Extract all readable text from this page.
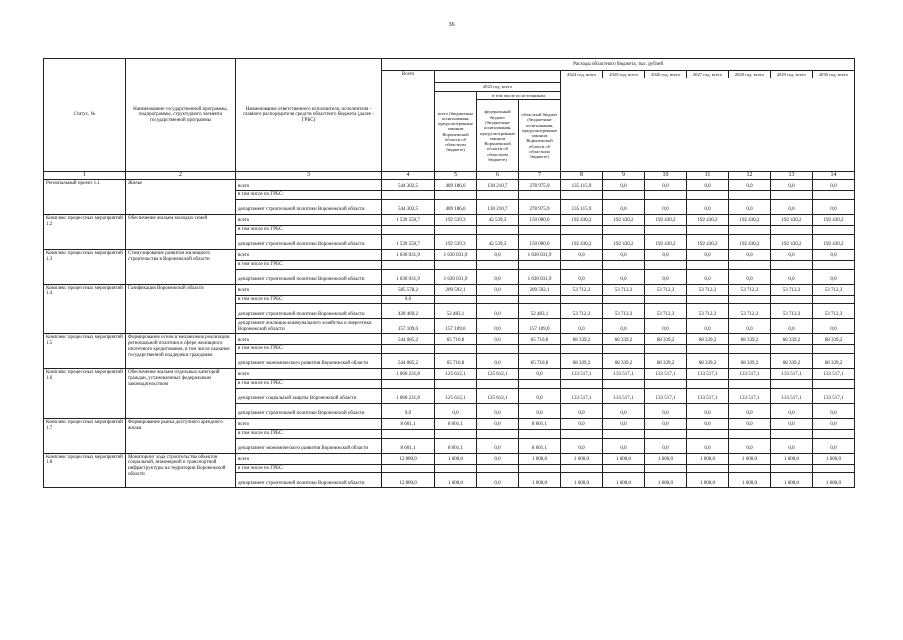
36
Статус, №	Наименование государственной программы, подпрограммы, структурного элемента государственной программы	Наименование ответственного исполнителя, исполнителя - главного распорядителя средств областного бюджета (далее - ГРБС)	Расходы областного бюджета, тыс. рублей
Всего			2024 год, всего	2025 год, всего	2026 год, всего	2027 год, всего	2028 год, всего	2029 год, всего	2030 год, всего

2023 год, всего
всего (бюджетные ассигнования, предусмотренные законом Воронежской области об областном бюджете)	в том числе по источникам
федеральный бюджет (бюджетные ассигнования, предусмотренные законом Воронежской области об областном бюджете)	областной бюджет (бюджетные ассигнования, предусмотренные законом Воронежской области об областном бюджете)
1	2	3	4	5	6	7	8	9	10	11	12	13	14
Региональный проект 1.1	Жилье	всего	544 302,5	409 186,6	130 210,7	278 975,9	135 115,9	0,0	0,0	0,0	0,0	0,0	0,0
в том числе по ГРБС:											
департамент строительной политики Воронежской области	544 302,5	409 186,6	130 210,7	278 975,9	135 115,9	0,0	0,0	0,0	0,0	0,0	0,0
Комплекс процессных мероприятий 1.2	Обеспечение жильем молодых семей	всего	1 539 550,7	192 539,3	42 539,3	150 000,0	192 430,2	192 430,2	192 430,2	192 430,2	192 430,2	192 430,2	192 430,2
в том числе по ГРБС:											
департамент строительной политики Воронежской области	1 539 550,7	192 539,3	42 539,3	150 000,0	192 430,2	192 430,2	192 430,2	192 430,2	192 430,2	192 430,2	192 430,2
Комплекс процессных мероприятий 1.3	Стимулирование развития жилищного строительства в Воронежской области	всего	1 630 031,9	1 630 031,9	0,0	1 630 031,9	0,0	0,0	0,0	0,0	0,0	0,0	0,0
в том числе по ГРБС:											
департамент строительной политики Воронежской области	1 630 031,9	1 630 031,9	0,0	1 630 031,9	0,0	0,0	0,0	0,0	0,0	0,0	0,0
Комплекс процессных мероприятий 1.4	Газификация Воронежской области	всего	585 578,2	209 592,1	0,0	209 592,1	53 712,3	53 712,3	53 712,3	53 712,3	53 712,3	53 712,3	53 712,3
в том числе по ГРБС:	0,0										
департамент строительной политики Воронежской области	428 469,2	52 483,1	0,0	52 483,1	53 712,3	53 712,3	53 712,3	53 712,3	53 712,3	53 712,3	53 712,3
департамент жилищно-коммунального хозяйства и энергетики Воронежской области	157 109,0	157 109,0	0,0	157 109,0	0,0	0,0	0,0	0,0	0,0	0,0	0,0
Комплекс процессных мероприятий 1.5	Формирование основ и механизмов реализации региональной политики в сфере жилищного ипотечного кредитования, в том числе оказание государственной поддержки гражданам	всего	544 085,2	65 710,8	0,0	65 710,8	68 339,2	68 339,2	68 339,2	68 339,2	68 339,2	68 339,2	68 339,2
в том числе по ГРБС:											
департамент экономического развития Воронежской области	544 085,2	65 710,8	0,0	65 710,8	68 339,2	68 339,2	68 339,2	68 339,2	68 339,2	68 339,2	68 339,2
Комплекс процессных мероприятий 1.6	Обеспечение жильем отдельных категорий граждан, установленных федеральным законодательством	всего	1 060 231,8	125 612,1	125 612,1	0,0	133 517,1	133 517,1	133 517,1	133 517,1	133 517,1	133 517,1	133 517,1
в том числе по ГРБС:											
департамент социальной защиты Воронежской области	1 060 231,8	125 612,1	125 612,1	0,0	133 517,1	133 517,1	133 517,1	133 517,1	133 517,1	133 517,1	133 517,1
департамент строительной политики Воронежской области	0,0	0,0	0,0	0,0	0,0	0,0	0,0	0,0	0,0	0,0	0,0
Комплекс процессных мероприятий 1.7	Формирование рынка доступного арендного жилья	всего	8 601,1	8 601,1	0,0	8 601,1	0,0	0,0	0,0	0,0	0,0	0,0	0,0
в том числе по ГРБС:											
департамент экономического развития Воронежской области	8 601,1	8 601,1	0,0	8 601,1	0,0	0,0	0,0	0,0	0,0	0,0	0,0
Комплекс процессных мероприятий 1.8	Мониторинг хода строительства объектов социальной, инженерной и транспортной инфраструктуры на территории Воронежской области	всего	12 800,0	1 600,0	0,0	1 600,0	1 600,0	1 600,0	1 600,0	1 600,0	1 600,0	1 600,0	1 600,0
в том числе по ГРБС:											
департамент строительной политики Воронежской области	12 800,0	1 600,0	0,0	1 600,0	1 600,0	1 600,0	1 600,0	1 600,0	1 600,0	1 600,0	1 600,0
